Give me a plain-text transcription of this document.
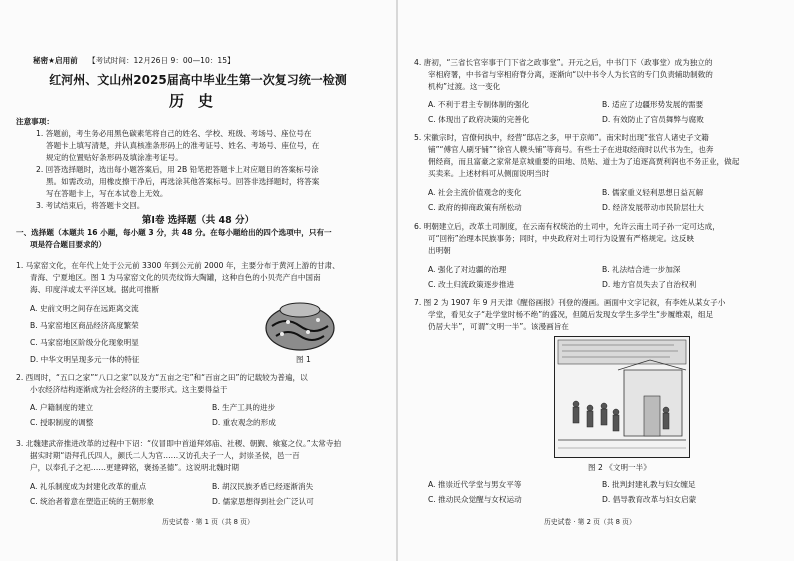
秘密★启用前 【考试时间：12月26日 9：00—10：15】
红河州、文山州2025届高中毕业生第一次复习统一检测
历史
注意事项：
1. 答题前，考生务必用黑色碳素笔将自己的姓名、学校、班级、考场号、座位号在
答题卡上填写清楚，并认真核准条形码上的准考证号、姓名、考场号、座位号，在
规定的位置贴好条形码及填涂准考证号。
2. 回答选择题时，选出每小题答案后，用 2B 铅笔把答题卡上对应题目的答案标号涂
黑。如需改动，用橡皮擦干净后，再选涂其他答案标号。回答非选择题时，将答案
写在答题卡上，写在本试卷上无效。
3. 考试结束后，将答题卡交回。
第Ⅰ卷 选择题（共 48 分）
一、选择题（本题共 16 小题，每小题 3 分，共 48 分。在每小题给出的四个选项中，只有一
项是符合题目要求的）
1. 马家窑文化，在年代上处于公元前 3300 年到公元前 2000 年，主要分布于黄河上游的甘肃、
青海、宁夏地区。图 1 为马家窑文化的贝壳纹饰大陶罐，这种自色的小贝壳产自中国南
海、印度洋或太平洋区域。据此可推断
A. 史前文明之间存在远距离交流
B. 马家窑地区商品经济高度繁荣
C. 马家窑地区阶级分化现象明显
D. 中华文明呈现多元一体的特征	图 1
2. 西周时，“五口之家”“八口之家”以及方“五亩之宅”和“百亩之田”的记载较为普遍，以
小农经济结构逐渐成为社会经济的主要形式。这主要得益于
A. 户籍制度的建立	B. 生产工具的进步
C. 授职制度的调整	D. 重农观念的形成
3. 北魏建武帝推进改革的过程中下诏：“仪冒即中首道拜郊庙、社稷、朝觐、飨宴之仪。”太常寺拍
据实时期“语拜孔氏四人，颜氏二人为官……又访孔夫子一人，封崇圣侯，邑一百
户，以奉孔子之祀……更建碑铭，褒扬圣德”。这说明北魏时期
A. 礼乐制度成为封建化改革的重点	B. 胡汉民族矛盾已经逐渐消失
C. 统治者着意在塑造正统的王朝形象	D. 儒家思想得到社会广泛认可
历史试卷 · 第 1 页（共 8 页）
4. 唐初，“三省长官宰事于门下省之政事堂”。开元之后，中书门下（政事堂）成为独立的
宰相府署，中书省与宰相府脊分离，逐渐向“以中书令人为长官的专门负责辅助制敕的
机构”过渡。这一变化
A. 不利于君主专制体制的强化	B. 适应了边疆形势发展的需要
C. 体现出了政府决策的完善化	D. 有效防止了官员舞弊与腐败
5. 宋徽宗时，宫僚何执中，经营“邸店之多，甲于京师”。南宋时出现“张官人诸史子文籍
铺”“傅官人刷牙铺”“徐官人幞头铺”等商号。有些士子在进取经商时以代书为生，也奔
佣经商，而且富豪之家常是京城重要的田地、员贴、道士为了追逐高贾利润也不务正业，做起
买卖来。上述材料可从侧面说明当时
A. 社会主流价值观念的变化	B. 儒家重义轻利思想日益瓦解
C. 政府的抑商政策有所松动	D. 经济发展带动市民阶层壮大
6. 明朝建立后，改革土司制度，在云南有权统治的土司中，允许云南土司子孙一定可达成，
可“回衔”治理本民族事务；同时，中央政府对土司行为设置有严格规定。这反映
出明朝
A. 强化了对边疆的治理	B. 礼法结合进一步加深
C. 改土归流政策逐步推进	D. 地方官员失去了自治权利
7. 图 2 为 1907 年 9 月天津《醒俗画报》刊登的漫画。画面中文字记叙，有李姓从某女子小
学堂，看见女子“赴学堂时杨不绝”的盛况，但随后发现女学生多学生“步履维艰，组足
仍居大半”，可谓“文明一半”。该漫画旨在
图 2 《文明一半》
A. 推崇近代学堂与男女平等	B. 批判封建礼教与妇女缠足
C. 推动民众觉醒与女权运动	D. 倡导教育改革与妇女启蒙
历史试卷 · 第 2 页（共 8 页）
